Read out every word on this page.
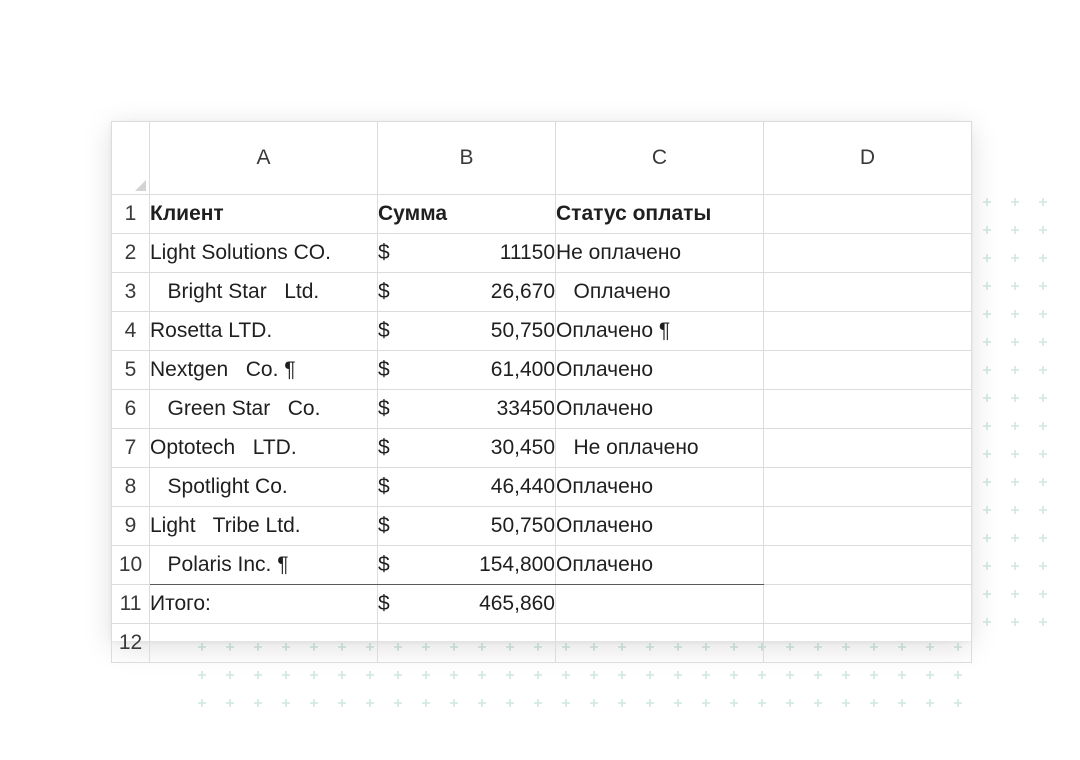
	A	B	C	D
1	Клиент	Сумма	Статус оплаты	
2	Light Solutions CO.	$ 11150	Не оплачено	
3	Bright Star   Ltd.	$ 26,670	Оплачено	
4	Rosetta LTD.	$ 50,750	Оплачено ¶	
5	Nextgen   Co. ¶	$ 61,400	Оплачено	
6	Green Star   Co.	$ 33450	Оплачено	
7	Optotech   LTD.	$ 30,450	Не оплачено	
8	Spotlight Co.	$ 46,440	Оплачено	
9	Light   Tribe Ltd.	$ 50,750	Оплачено	
10	Polaris Inc. ¶	$ 154,800	Оплачено	
11	Итого:	$ 465,860		

12		
